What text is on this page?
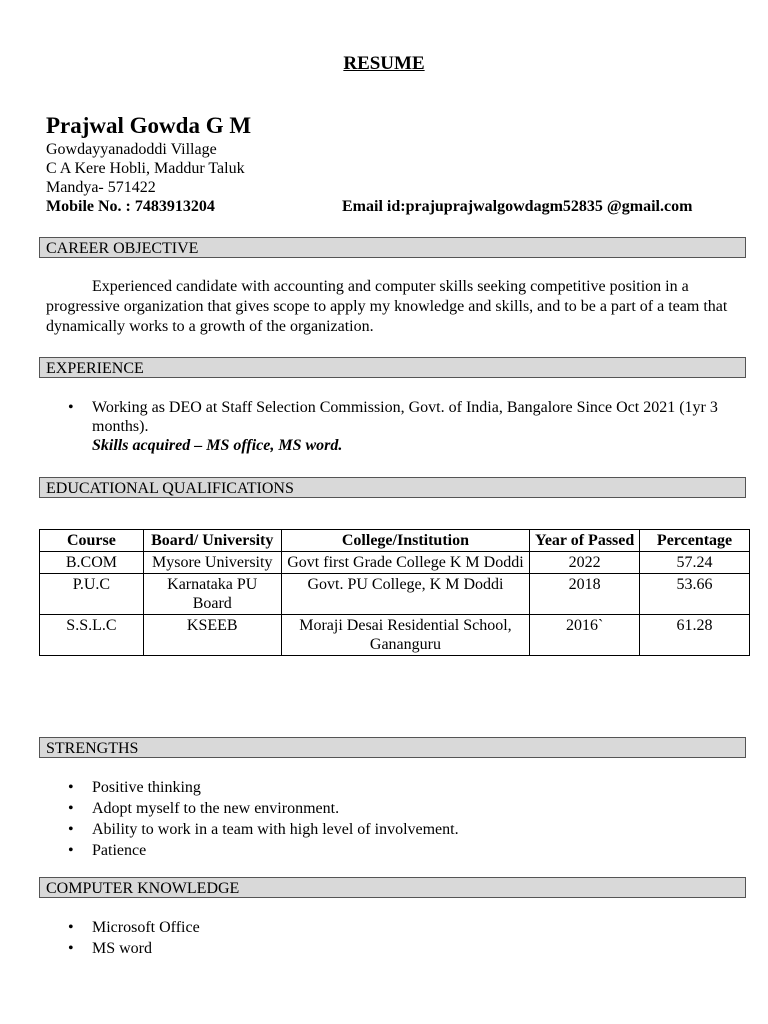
RESUME
Prajwal Gowda G M
Gowdayyanadoddi Village
C A Kere Hobli, Maddur Taluk
Mandya- 571422
Mobile No. : 7483913204	Email id:prajuprajwalgowdagm52835 @gmail.com
CAREER OBJECTIVE
Experienced candidate with accounting and computer skills seeking competitive position in a progressive organization that gives scope to apply my knowledge and skills, and to be a part of a team that dynamically works to a growth of the organization.
EXPERIENCE
• Working as DEO at Staff Selection Commission, Govt. of India, Bangalore Since Oct 2021 (1yr 3 months).
Skills acquired – MS office, MS word.
EDUCATIONAL QUALIFICATIONS
Course	Board/ University	College/Institution	Year of Passed	Percentage
B.COM	Mysore University	Govt first Grade College K M Doddi	2022	57.24
P.U.C	Karnataka PU Board	Govt. PU College, K M Doddi	2018	53.66
S.S.L.C	KSEEB	Moraji Desai Residential School, Gananguru	2016`	61.28
STRENGTHS
• Positive thinking
• Adopt myself to the new environment.
• Ability to work in a team with high level of involvement.
• Patience
COMPUTER KNOWLEDGE
• Microsoft Office
• MS word
